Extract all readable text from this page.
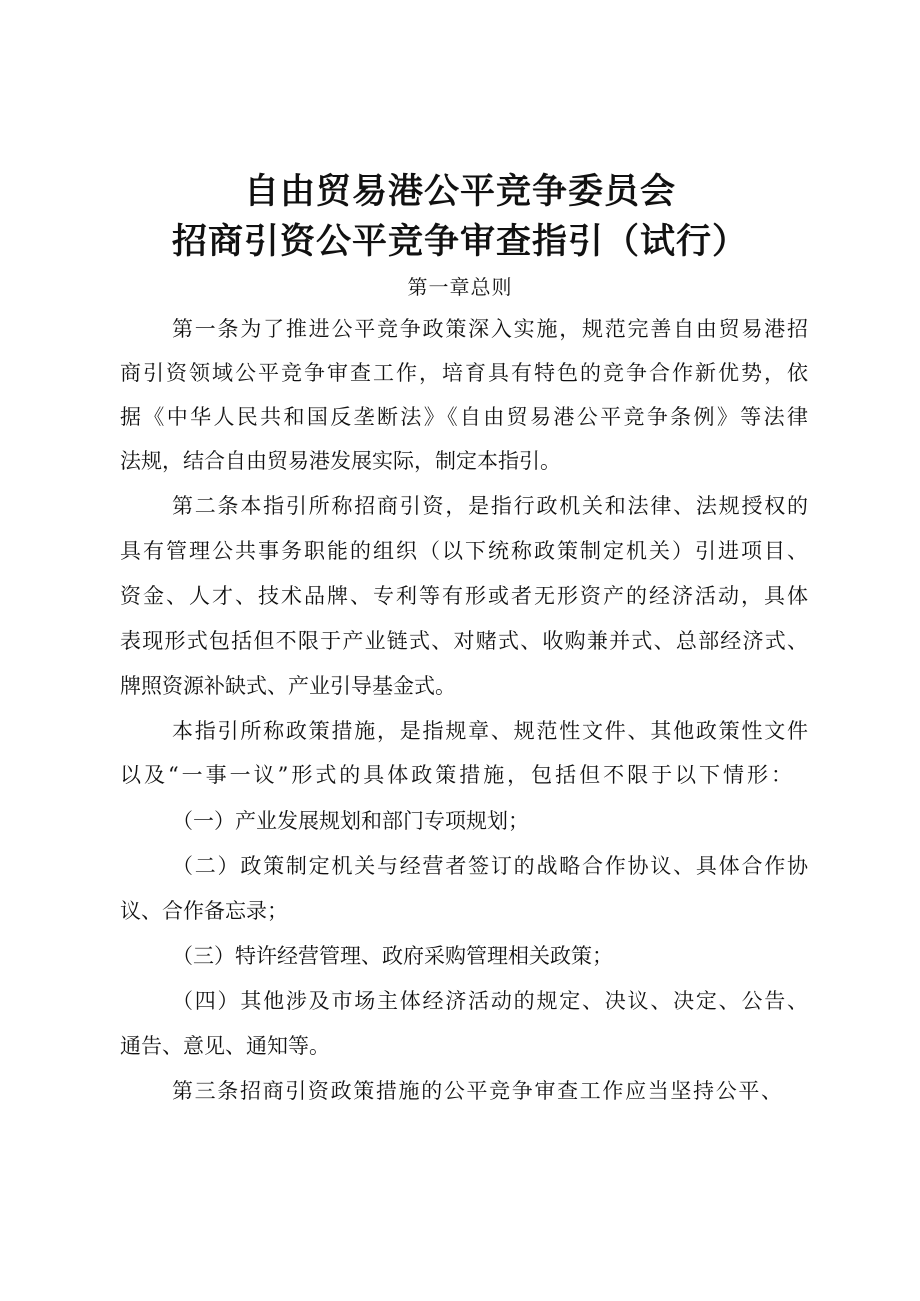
自由贸易港公平竞争委员会
招商引资公平竞争审查指引（试行）
第一章总则
第一条为了推进公平竞争政策深入实施，规范完善自由贸易港招
商引资领域公平竞争审查工作，培育具有特色的竞争合作新优势，依
据《中华人民共和国反垄断法》《自由贸易港公平竞争条例》等法律
法规，结合自由贸易港发展实际，制定本指引。
第二条本指引所称招商引资，是指行政机关和法律、法规授权的
具有管理公共事务职能的组织（以下统称政策制定机关）引进项目、
资金、人才、技术品牌、专利等有形或者无形资产的经济活动，具体
表现形式包括但不限于产业链式、对赌式、收购兼并式、总部经济式、
牌照资源补缺式、产业引导基金式。
本指引所称政策措施，是指规章、规范性文件、其他政策性文件
以及“一事一议”形式的具体政策措施，包括但不限于以下情形：
（一）产业发展规划和部门专项规划；
（二）政策制定机关与经营者签订的战略合作协议、具体合作协
议、合作备忘录；
（三）特许经营管理、政府采购管理相关政策；
（四）其他涉及市场主体经济活动的规定、决议、决定、公告、
通告、意见、通知等。
第三条招商引资政策措施的公平竞争审查工作应当坚持公平、
